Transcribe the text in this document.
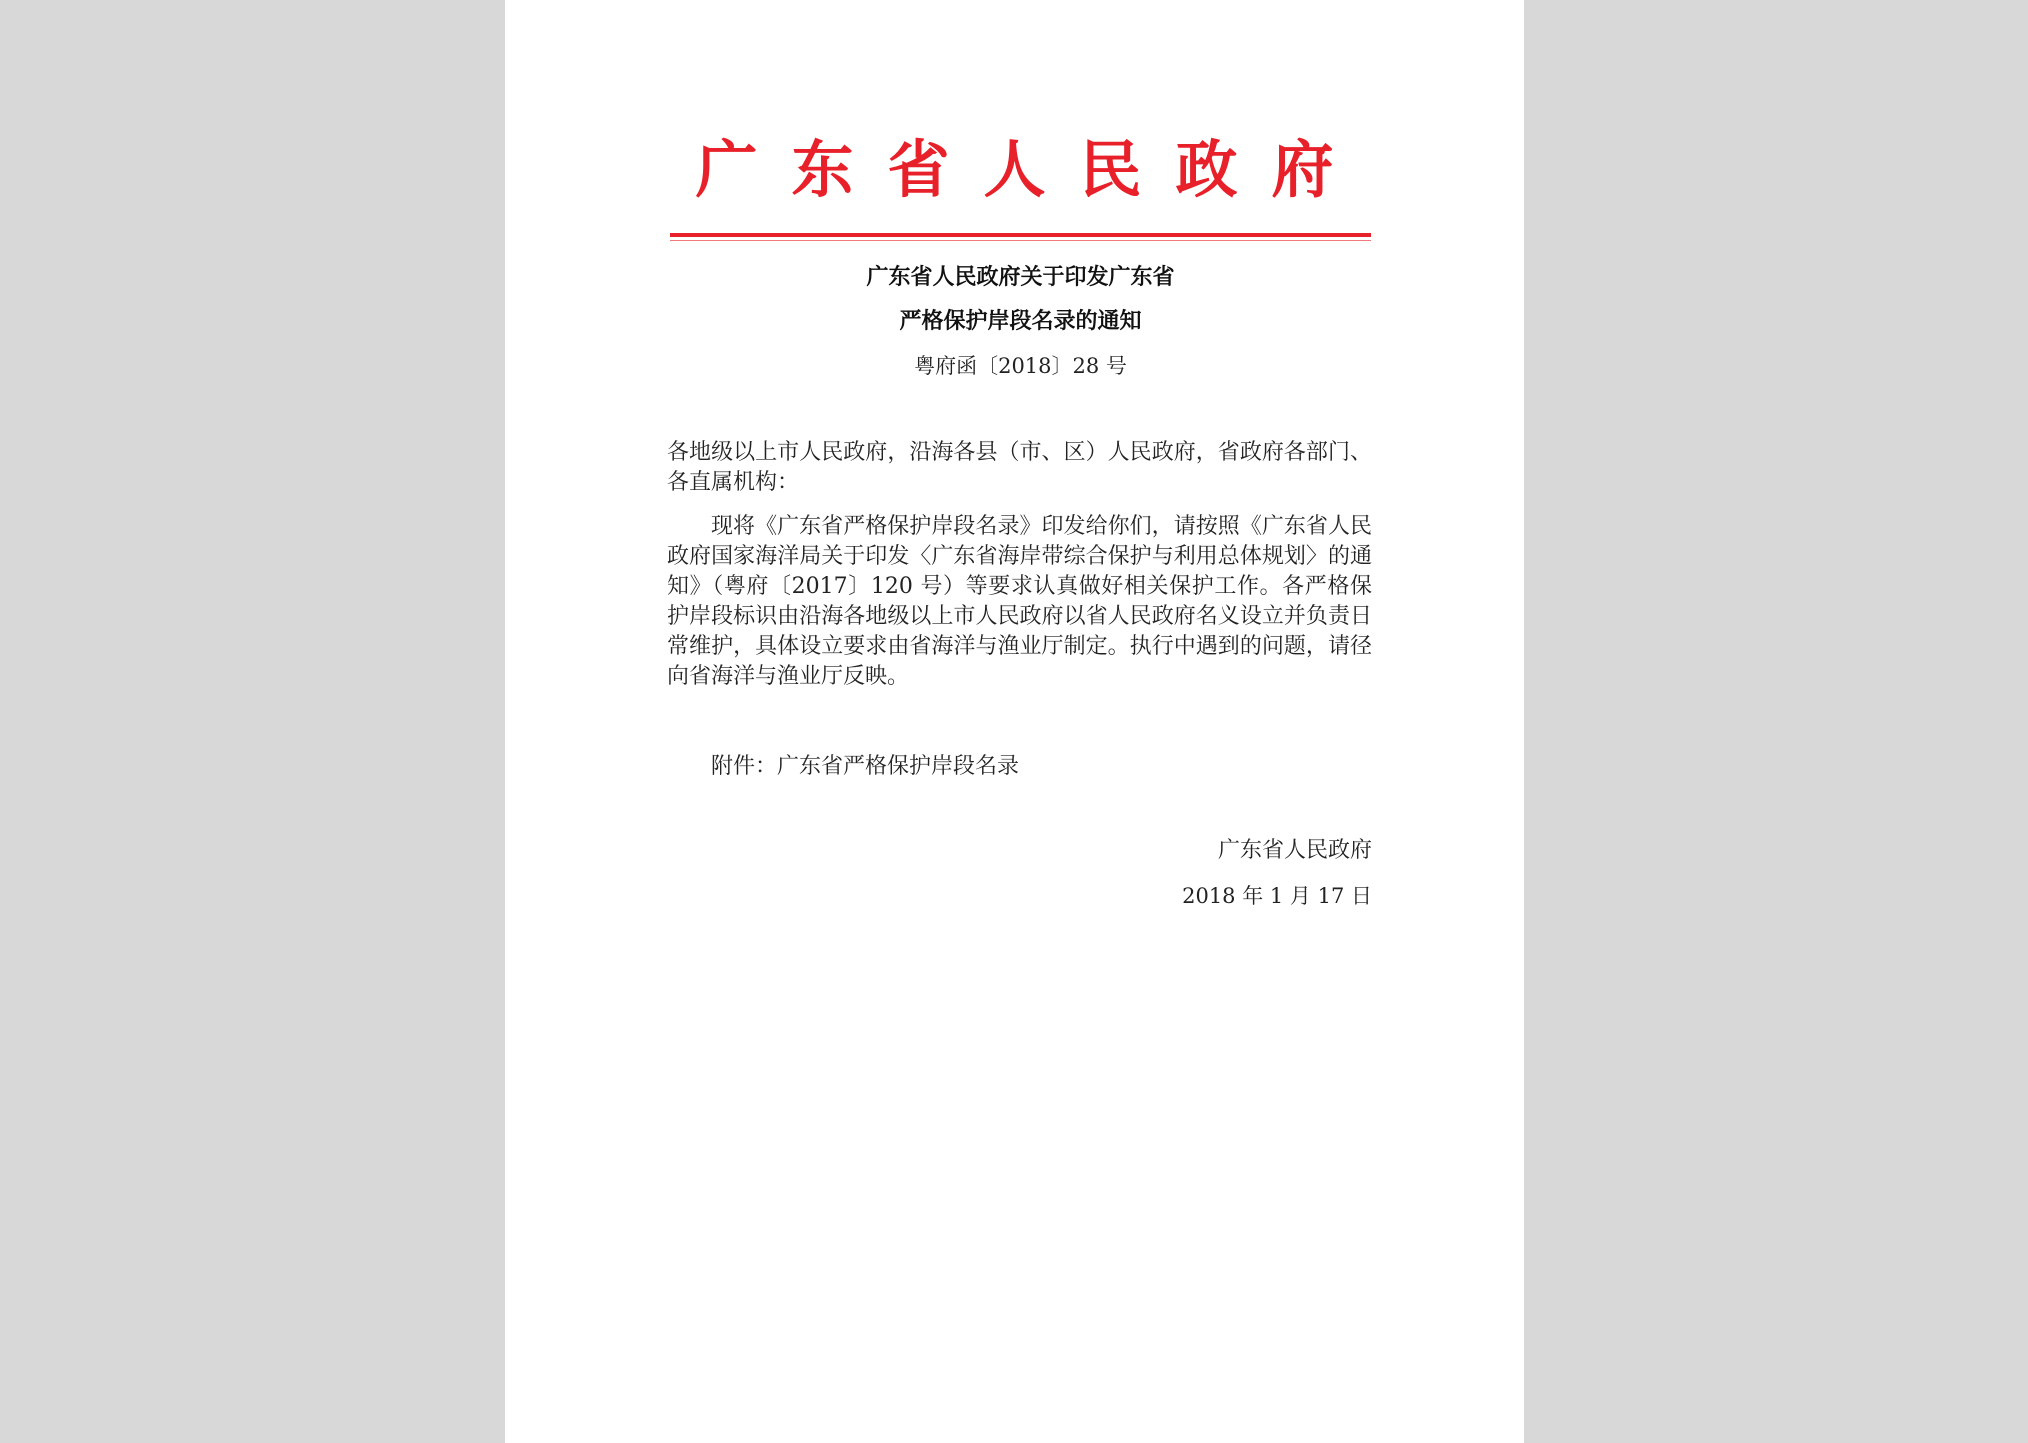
广东省人民政府
广东省人民政府关于印发广东省
严格保护岸段名录的通知
粤府函〔2018〕28 号
各地级以上市人民政府，沿海各县（市、区）人民政府，省政府各部门、各直属机构：
现将《广东省严格保护岸段名录》印发给你们，请按照《广东省人民政府国家海洋局关于印发〈广东省海岸带综合保护与利用总体规划〉的通知》（粤府〔2017〕120 号）等要求认真做好相关保护工作。各严格保护岸段标识由沿海各地级以上市人民政府以省人民政府名义设立并负责日常维护，具体设立要求由省海洋与渔业厅制定。执行中遇到的问题，请径向省海洋与渔业厅反映。
附件：广东省严格保护岸段名录
广东省人民政府
2018 年 1 月 17 日
